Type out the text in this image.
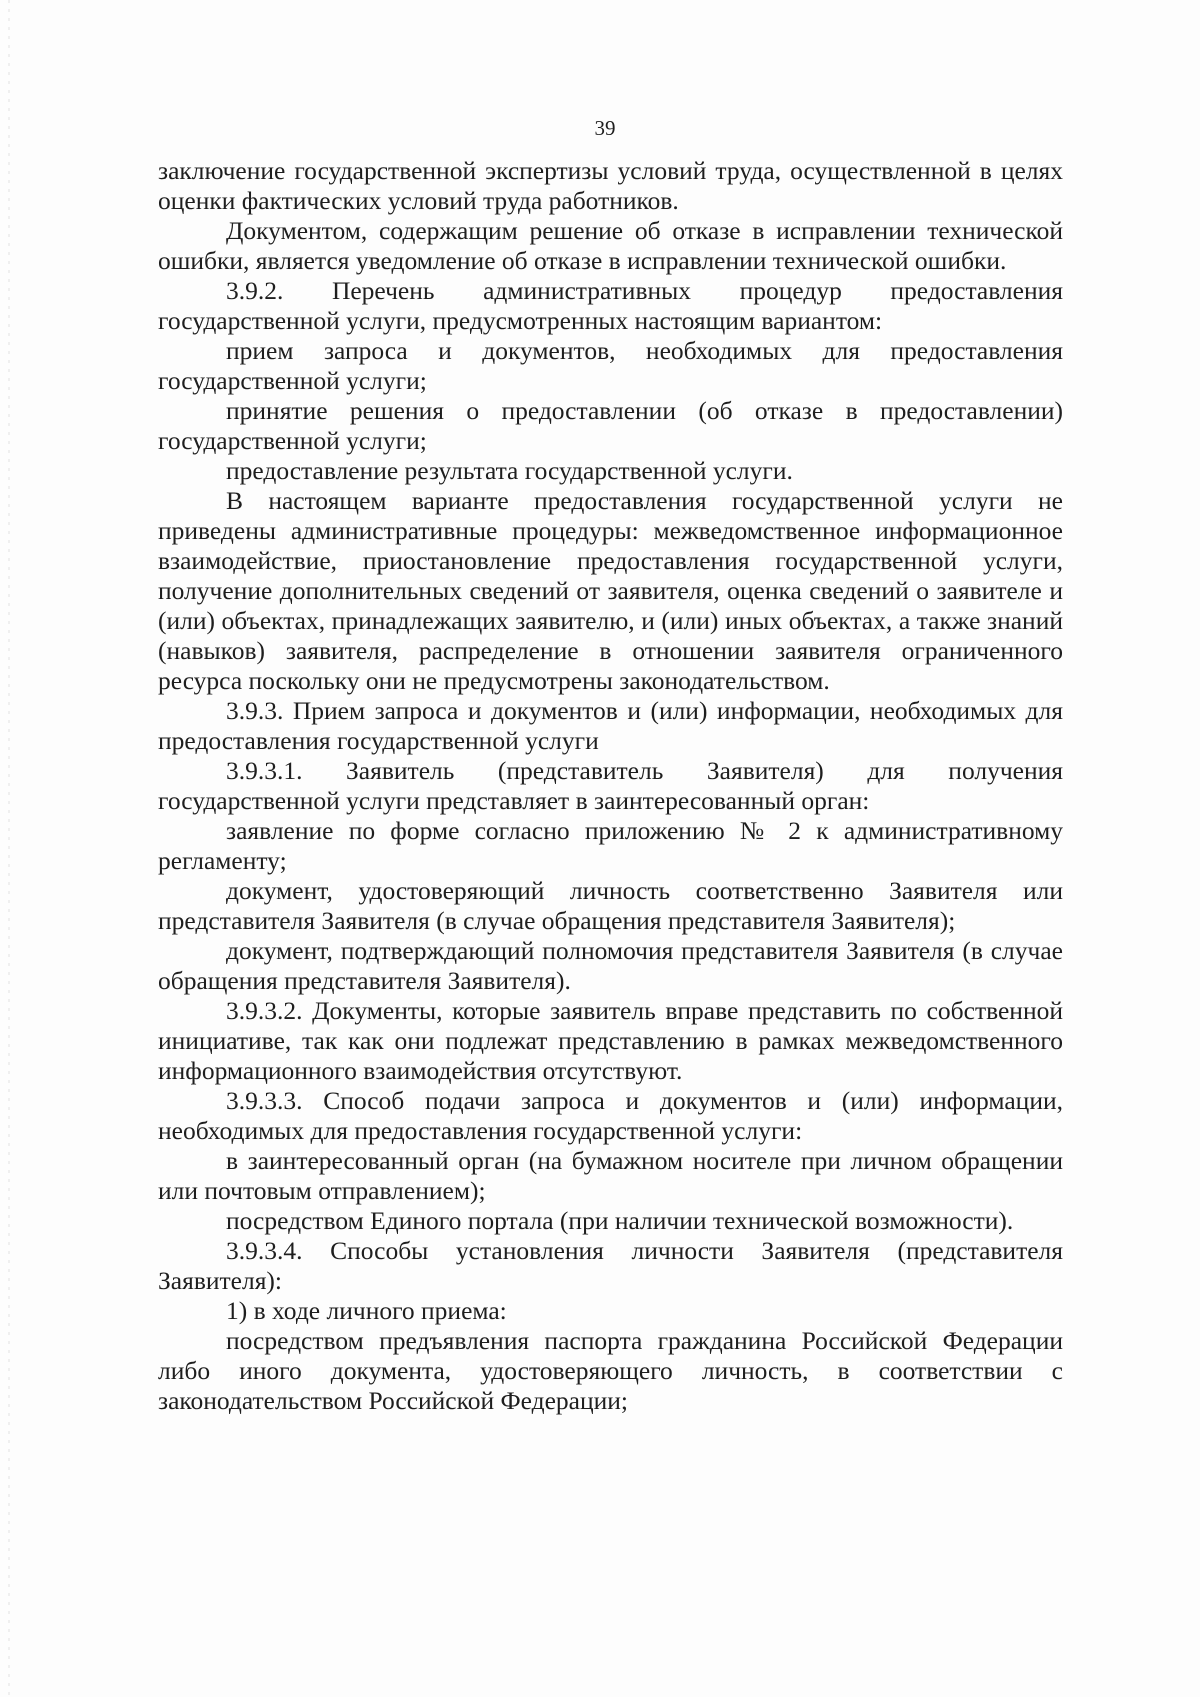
39

заключение государственной экспертизы условий труда, осуществленной в целях оценки фактических условий труда работников.

Документом, содержащим решение об отказе в исправлении технической ошибки, является уведомление об отказе в исправлении технической ошибки.

3.9.2. Перечень административных процедур предоставления государственной услуги, предусмотренных настоящим вариантом:

прием запроса и документов, необходимых для предоставления государственной услуги;

принятие решения о предоставлении (об отказе в предоставлении) государственной услуги;

предоставление результата государственной услуги.

В настоящем варианте предоставления государственной услуги не приведены административные процедуры: межведомственное информационное взаимодействие, приостановление предоставления государственной услуги, получение дополнительных сведений от заявителя, оценка сведений о заявителе и (или) объектах, принадлежащих заявителю, и (или) иных объектах, а также знаний (навыков) заявителя, распределение в отношении заявителя ограниченного ресурса поскольку они не предусмотрены законодательством.

3.9.3. Прием запроса и документов и (или) информации, необходимых для предоставления государственной услуги

3.9.3.1. Заявитель (представитель Заявителя) для получения государственной услуги представляет в заинтересованный орган:

заявление по форме согласно приложению № 2 к административному регламенту;

документ, удостоверяющий личность соответственно Заявителя или представителя Заявителя (в случае обращения представителя Заявителя);

документ, подтверждающий полномочия представителя Заявителя (в случае обращения представителя Заявителя).

3.9.3.2. Документы, которые заявитель вправе представить по собственной инициативе, так как они подлежат представлению в рамках межведомственного информационного взаимодействия отсутствуют.

3.9.3.3. Способ подачи запроса и документов и (или) информации, необходимых для предоставления государственной услуги:

в заинтересованный орган (на бумажном носителе при личном обращении или почтовым отправлением);

посредством Единого портала (при наличии технической возможности).

3.9.3.4. Способы установления личности Заявителя (представителя Заявителя):

1) в ходе личного приема:

посредством предъявления паспорта гражданина Российской Федерации либо иного документа, удостоверяющего личность, в соответствии с законодательством Российской Федерации;
